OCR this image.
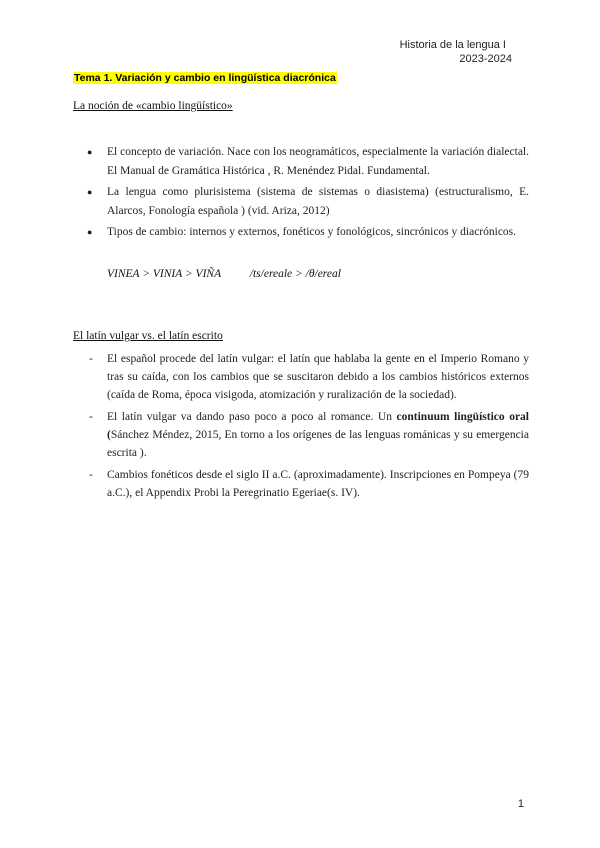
Historia de la lengua I
2023-2024
Tema 1. Variación y cambio en lingüística diacrónica
La noción de «cambio lingüístico»
● El concepto de variación. Nace con los neogramáticos, especialmente la variación dialectal. El Manual de Gramática Histórica , R. Menéndez Pidal. Fundamental.
● La lengua como plurisistema (sistema de sistemas o diasistema) (estructuralismo, E. Alarcos, Fonología española ) (vid. Ariza, 2012)
● Tipos de cambio: internos y externos, fonéticos y fonológicos, sincrónicos y diacrónicos.
VINEA > VINIA > VIÑA	/ts/ereale > /θ/ereal
El latín vulgar vs. el latín escrito
- El español procede del latín vulgar: el latín que hablaba la gente en el Imperio Romano y tras su caída, con los cambios que se suscitaron debido a los cambios históricos externos (caída de Roma, época visigoda, atomización y ruralización de la sociedad).
- El latín vulgar va dando paso poco a poco al romance. Un continuum lingüístico oral (Sánchez Méndez, 2015, En torno a los orígenes de las lenguas románicas y su emergencia escrita ).
- Cambios fonéticos desde el siglo II a.C. (aproximadamente). Inscripciones en Pompeya (79 a.C.), el Appendix Probi la Peregrinatio Egeriae(s. IV).
1
